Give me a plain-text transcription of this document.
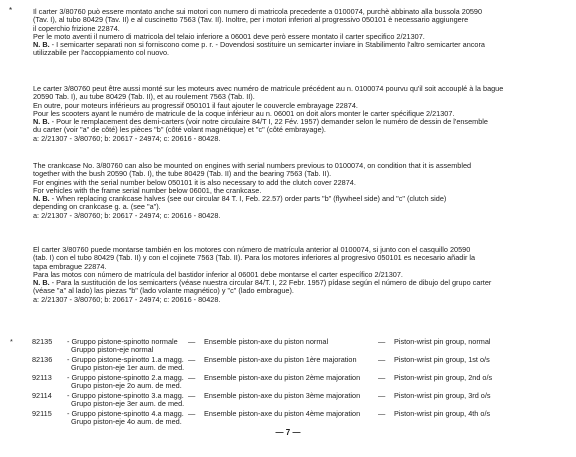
*	Il carter 3/80760 può essere montato anche sui motori con numero di matricola precedente a 0100074, purchè abbinato alla bussola 20590
(Tav. I), al tubo 80429 (Tav. II) e al cuscinetto 7563 (Tav. II). Inoltre, per i motori inferiori al progressivo 050101 è necessario aggiungere
il coperchio frizione 22874.
Per le moto aventi il numero di matricola del telaio inferiore a 06001 deve però essere montato il carter specifico 2/21307.
N. B. - I semicarter separati non si forniscono come p. r. - Dovendosi sostituire un semicarter inviare in Stabilimento l'altro semicarter ancora
utilizzabile per l'accoppiamento col nuovo.
Le carter 3/80760 peut être aussi monté sur les moteurs avec numéro de matricule précédent au n. 0100074 pourvu qu'il soit accouplé à la bague
20590 Tab. I), au tube 80429 (Tab. II), et au roulement 7563 (Tab. II).
En outre, pour moteurs inférieurs au progressif 050101 il faut ajouter le couvercle embrayage 22874.
Pour les scooters ayant le numéro de matricule de la coque inférieur au n. 06001 on doit alors monter le carter spécifique 2/21307.
N. B. - Pour le remplacement des demi-carters (voir notre circulaire 84/T I, 22 Fév. 1957) demander selon le numéro de dessin de l'ensemble
du carter (voir "a" de côté) les pièces "b" (côté volant magnétique) et "c" (côté embrayage).
a: 2/21307 - 3/80760; b: 20617 - 24974; c: 20616 - 80428.
The crankcase No. 3/80760 can also be mounted on engines with serial numbers previous to 0100074, on condition that it is assembled
together with the bush 20590 (Tab. I), the tube 80429 (Tab. II) and the bearing 7563 (Tab. II).
For engines with the serial number below 050101 it is also necessary to add the clutch cover 22874.
For vehicles with the frame serial number below 06001, the crankcase.
N. B. - When replacing crankcase halves (see our circular 84 T. I, Feb. 22.57) order parts "b" (flywheel side) and "c" (clutch side)
depending on crankcase g. a. (see "a").
a: 2/21307 - 3/80760; b: 20617 - 24974; c: 20616 - 80428.
El carter 3/80760 puede montarse también en los motores con número de matrícula anterior al 0100074, si junto con el casquillo 20590
(tab. I) con el tubo 80429 (Tab. II) y con el cojinete 7563 (Tab. II). Para los motores inferiores al progresivo 050101 es necesario añadir la
tapa embrague 22874.
Para las motos con número de matrícula del bastidor inferior al 06001 debe montarse el carter específico 2/21307.
N. B. - Para la sustitución de los semicarters (véase nuestra circular 84/T. I, 22 Febr. 1957) pídase según el número de dibujo del grupo carter
(véase "a" al lado) las piezas "b" (lado volante magnético) y "c" (lado embrague).
a: 2/21307 - 3/80760; b: 20617 - 24974; c: 20616 - 80428.
*	82135 - Gruppo pistone-spinotto normale
Gruppo piston-eje normal
— Ensemble piston-axe du piston normal	— Piston-wrist pin group, normal
82136 - Gruppo pistone-spinotto 1.a magg.
Grupo piston-eje 1er aum. de med.
— Ensemble piston-axe du piston 1ère majoration	— Piston-wrist pin group, 1st o/s
92113 - Gruppo pistone-spinotto 2.a magg.
Grupo piston-eje 2o aum. de med.
— Ensemble piston-axe du piston 2ème majoration — Piston-wrist pin group, 2nd o/s
92114 - Gruppo pistone-spinotto 3.a magg.
Grupo piston-eje 3er aum. de med.
— Ensemble piston-axe du piston 3ème majoration — Piston-wrist pin group, 3rd o/s
92115 - Gruppo pistone-spinotto 4.a magg.
Grupo piston-eje 4o aum. de med.
— Ensemble piston-axe du piston 4ème majoration — Piston-wrist pin group, 4th o/s
— 7 —
